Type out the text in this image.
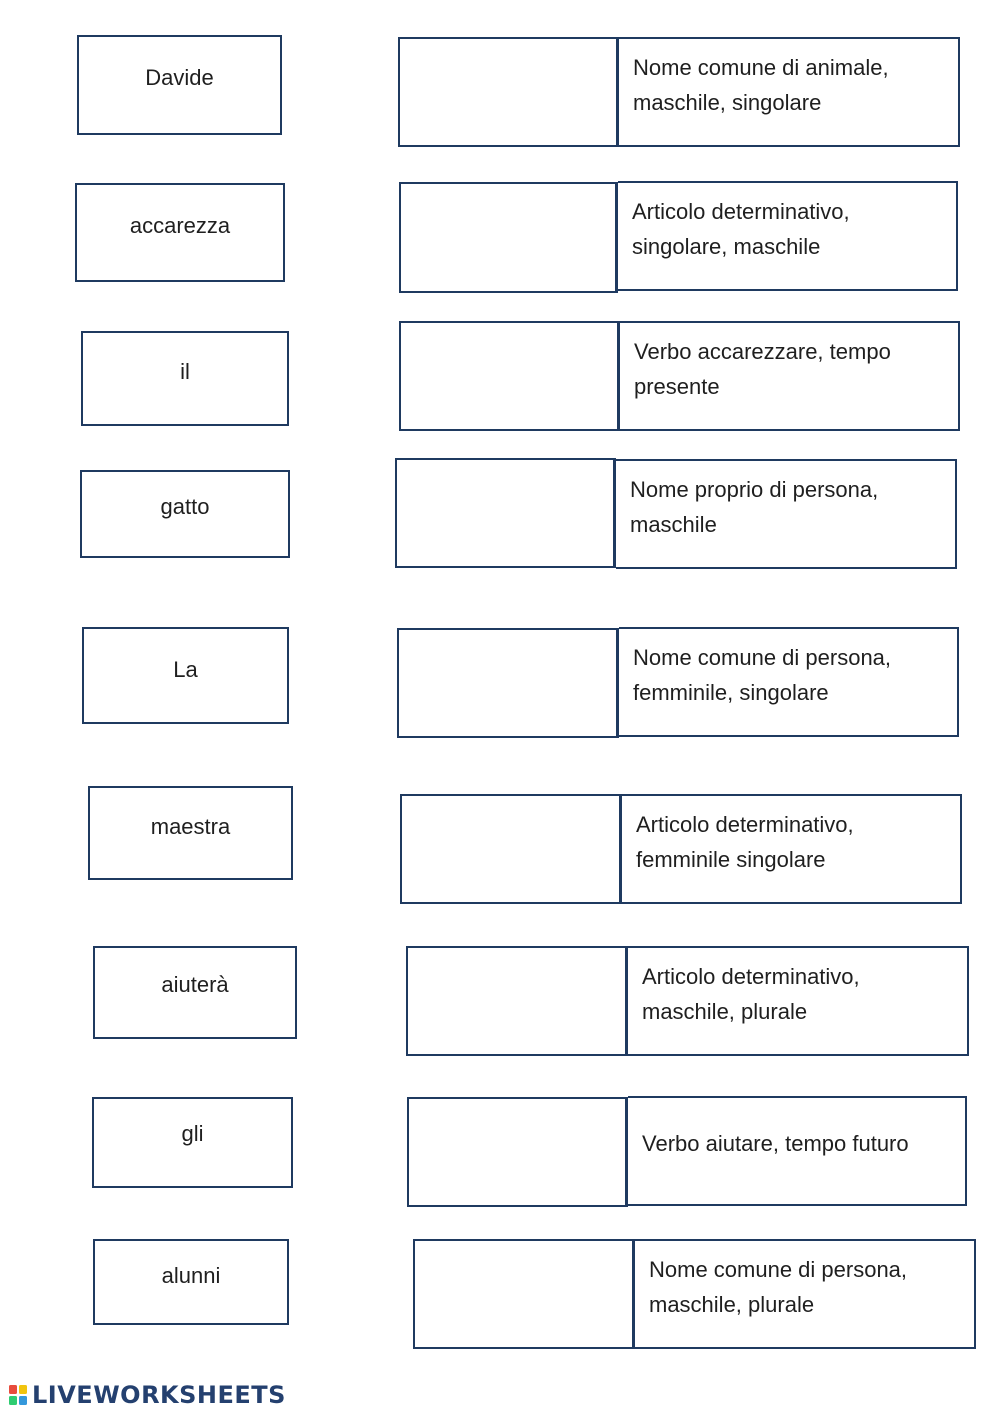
Davide
accarezza
il
gatto
La
maestra
aiuterà
gli
alunni
Nome comune di animale,
maschile, singolare
Articolo determinativo,
singolare, maschile
Verbo accarezzare, tempo
presente
Nome proprio di persona,
maschile
Nome comune di persona,
femminile, singolare
Articolo determinativo,
femminile singolare
Articolo determinativo,
maschile, plurale
Verbo aiutare, tempo futuro
Nome comune di persona,
maschile, plurale
LIVEWORKSHEETS
